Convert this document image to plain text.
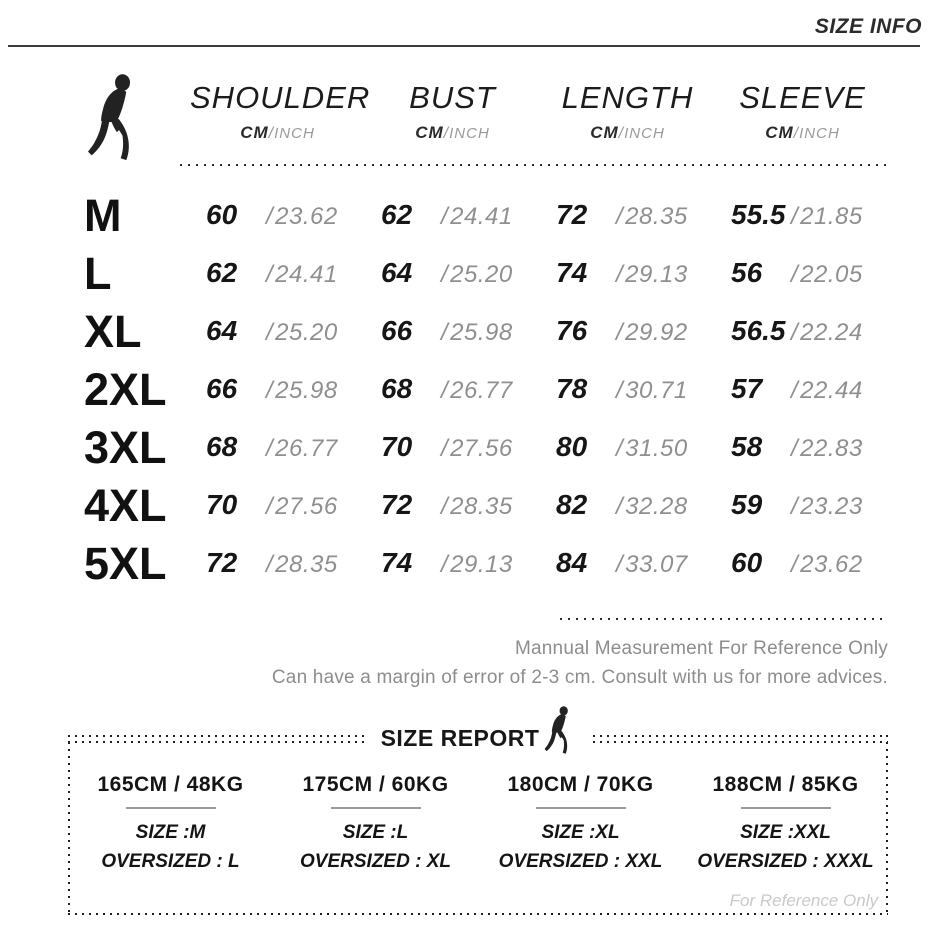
SIZE INFO
SHOULDER
CM/INCH
BUST
CM/INCH
LENGTH
CM/INCH
SLEEVE
CM/INCH
M	60	/23.62 62	/24.41 72	/28.35 55.5 /21.85
L	62	/24.41 64	/25.20 74	/29.13 56	/22.05
XL	64	/25.20 66	/25.98 76	/29.92 56.5 /22.24
2XL	66	/25.98 68	/26.77 78	/30.71 57	/22.44
3XL	68	/26.77 70	/27.56 80	/31.50 58	/22.83
4XL	70	/27.56 72	/28.35 82	/32.28 59	/23.23
5XL	72	/28.35 74	/29.13 84	/33.07 60	/23.62
Mannual Measurement For Reference Only
Can have a margin of error of 2-3 cm. Consult with us for more advices.
SIZE REPORT
165CM / 48KG
SIZE :M
OVERSIZED : L
175CM / 60KG
SIZE :L
OVERSIZED : XL
180CM / 70KG
SIZE :XL
OVERSIZED : XXL
188CM / 85KG
SIZE :XXL
OVERSIZED : XXXL
For Reference Only
